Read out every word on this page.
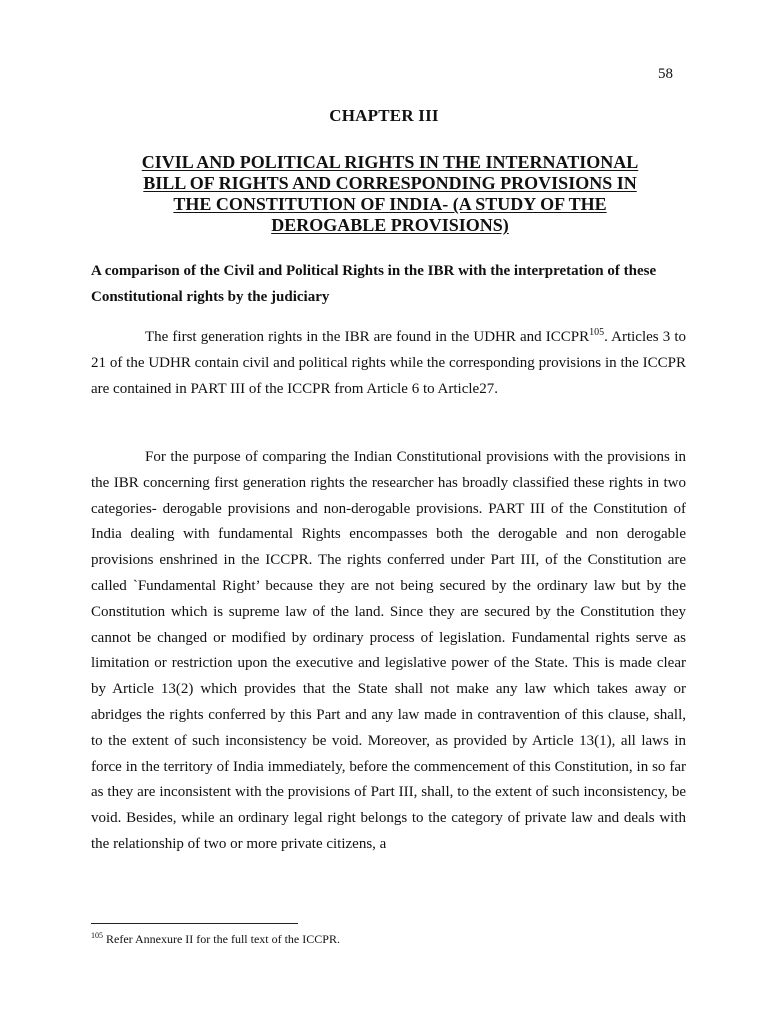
58
CHAPTER III
CIVIL AND POLITICAL RIGHTS IN THE INTERNATIONAL
BILL OF RIGHTS AND CORRESPONDING PROVISIONS IN
THE CONSTITUTION OF INDIA- (A STUDY OF THE
DEROGABLE PROVISIONS)
A comparison of the Civil and Political Rights in the IBR with the interpretation of these Constitutional rights by the judiciary

The first generation rights in the IBR are found in the UDHR and ICCPR$^{105}$. Articles 3 to 21 of the UDHR contain civil and political rights while the corresponding provisions in the ICCPR are contained in PART III of the ICCPR from Article 6 to Article27.

For the purpose of comparing the Indian Constitutional provisions with the provisions in the IBR concerning first generation rights the researcher has broadly classified these rights in two categories- derogable provisions and non-derogable provisions. PART III of the Constitution of India dealing with fundamental Rights encompasses both the derogable and non derogable provisions enshrined in the ICCPR. The rights conferred under Part III, of the Constitution are called `Fundamental Right’ because they are not being secured by the ordinary law but by the Constitution which is supreme law of the land. Since they are secured by the Constitution they cannot be changed or modified by ordinary process of legislation. Fundamental rights serve as limitation or restriction upon the executive and legislative power of the State. This is made clear by Article 13(2) which provides that the State shall not make any law which takes away or abridges the rights conferred by this Part and any law made in contravention of this clause, shall, to the extent of such inconsistency be void. Moreover, as provided by Article 13(1), all laws in force in the territory of India immediately, before the commencement of this Constitution, in so far as they are inconsistent with the provisions of Part III, shall, to the extent of such inconsistency, be void. Besides, while an ordinary legal right belongs to the category of private law and deals with the relationship of two or more private citizens, a

$^{105}$ Refer Annexure II for the full text of the ICCPR.
